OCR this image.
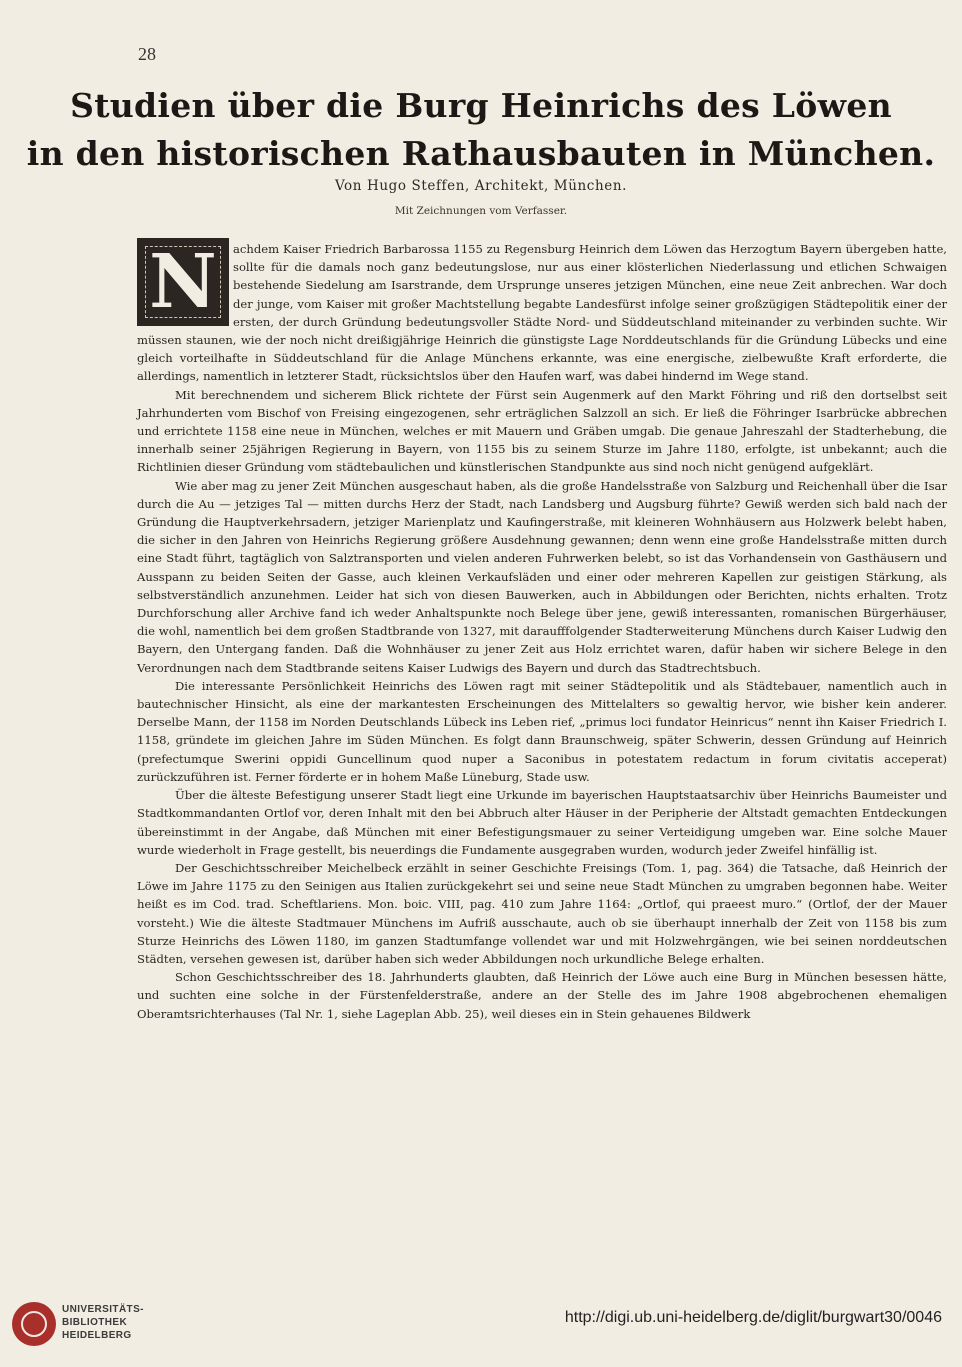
28
Studien über die Burg Heinrichs des Löwen
in den historischen Rathausbauten in München.
Von Hugo Steffen, Architekt, München.
Mit Zeichnungen vom Verfasser.

achdem Kaiser Friedrich Barbarossa 1155 zu Regensburg Heinrich dem Löwen das Herzogtum Bayern übergeben hatte, sollte für die damals noch ganz bedeutungslose, nur aus einer klösterlichen Niederlassung und etlichen Schwaigen bestehende Siedelung am Isarstrande, dem Ursprunge unseres jetzigen München, eine neue Zeit anbrechen. War doch der junge, vom Kaiser mit großer Machtstellung begabte Landesfürst infolge seiner großzügigen Städtepolitik einer der ersten, der durch Gründung bedeutungsvoller Städte Nord- und Süddeutschland miteinander zu verbinden suchte. Wir müssen staunen, wie der noch nicht dreißigjährige Heinrich die günstigste Lage Norddeutschlands für die Gründung Lübecks und eine gleich vorteilhafte in Süddeutschland für die Anlage Münchens erkannte, was eine energische, zielbewußte Kraft erforderte, die allerdings, namentlich in letzterer Stadt, rücksichtslos über den Haufen warf, was dabei hindernd im Wege stand.

Mit berechnendem und sicherem Blick richtete der Fürst sein Augenmerk auf den Markt Föhring und riß den dortselbst seit Jahrhunderten vom Bischof von Freising eingezogenen, sehr erträglichen Salzzoll an sich. Er ließ die Föhringer Isarbrücke abbrechen und errichtete 1158 eine neue in München, welches er mit Mauern und Gräben umgab. Die genaue Jahreszahl der Stadterhebung, die innerhalb seiner 25jährigen Regierung in Bayern, von 1155 bis zu seinem Sturze im Jahre 1180, erfolgte, ist unbekannt; auch die Richtlinien dieser Gründung vom städtebaulichen und künstlerischen Standpunkte aus sind noch nicht genügend aufgeklärt.

Wie aber mag zu jener Zeit München ausgeschaut haben, als die große Handelsstraße von Salzburg und Reichenhall über die Isar durch die Au — jetziges Tal — mitten durchs Herz der Stadt, nach Landsberg und Augsburg führte? Gewiß werden sich bald nach der Gründung die Hauptverkehrsadern, jetziger Marienplatz und Kaufingerstraße, mit kleineren Wohnhäusern aus Holzwerk belebt haben, die sicher in den Jahren von Heinrichs Regierung größere Ausdehnung gewannen; denn wenn eine große Handelsstraße mitten durch eine Stadt führt, tagtäglich von Salztransporten und vielen anderen Fuhrwerken belebt, so ist das Vorhandensein von Gasthäusern und Ausspann zu beiden Seiten der Gasse, auch kleinen Verkaufsläden und einer oder mehreren Kapellen zur geistigen Stärkung, als selbstverständlich anzunehmen. Leider hat sich von diesen Bauwerken, auch in Abbildungen oder Berichten, nichts erhalten. Trotz Durchforschung aller Archive fand ich weder Anhaltspunkte noch Belege über jene, gewiß interessanten, romanischen Bürgerhäuser, die wohl, namentlich bei dem großen Stadtbrande von 1327, mit daraufffolgender Stadterweiterung Münchens durch Kaiser Ludwig den Bayern, den Untergang fanden. Daß die Wohnhäuser zu jener Zeit aus Holz errichtet waren, dafür haben wir sichere Belege in den Verordnungen nach dem Stadtbrande seitens Kaiser Ludwigs des Bayern und durch das Stadtrechtsbuch.

Die interessante Persönlichkeit Heinrichs des Löwen ragt mit seiner Städtepolitik und als Städtebauer, namentlich auch in bautechnischer Hinsicht, als eine der markantesten Erscheinungen des Mittelalters so gewaltig hervor, wie bisher kein anderer. Derselbe Mann, der 1158 im Norden Deutschlands Lübeck ins Leben rief, „primus loci fundator Heinricus“ nennt ihn Kaiser Friedrich I. 1158, gründete im gleichen Jahre im Süden München. Es folgt dann Braunschweig, später Schwerin, dessen Gründung auf Heinrich (prefectumque Swerini oppidi Guncellinum quod nuper a Saconibus in potestatem redactum in forum civitatis acceperat) zurückzuführen ist. Ferner förderte er in hohem Maße Lüneburg, Stade usw.

Über die älteste Befestigung unserer Stadt liegt eine Urkunde im bayerischen Hauptstaatsarchiv über Heinrichs Baumeister und Stadtkommandanten Ortlof vor, deren Inhalt mit den bei Abbruch alter Häuser in der Peripherie der Altstadt gemachten Entdeckungen übereinstimmt in der Angabe, daß München mit einer Befestigungsmauer zu seiner Verteidigung umgeben war. Eine solche Mauer wurde wiederholt in Frage gestellt, bis neuerdings die Fundamente ausgegraben wurden, wodurch jeder Zweifel hinfällig ist.

Der Geschichtsschreiber Meichelbeck erzählt in seiner Geschichte Freisings (Tom. 1, pag. 364) die Tatsache, daß Heinrich der Löwe im Jahre 1175 zu den Seinigen aus Italien zurückgekehrt sei und seine neue Stadt München zu umgraben begonnen habe. Weiter heißt es im Cod. trad. Scheftlariens. Mon. boic. VIII, pag. 410 zum Jahre 1164: „Ortlof, qui praeest muro.“ (Ortlof, der der Mauer vorsteht.) Wie die älteste Stadtmauer Münchens im Aufriß ausschaute, auch ob sie überhaupt innerhalb der Zeit von 1158 bis zum Sturze Heinrichs des Löwen 1180, im ganzen Stadtumfange vollendet war und mit Holzwehrgängen, wie bei seinen norddeutschen Städten, versehen gewesen ist, darüber haben sich weder Abbildungen noch urkundliche Belege erhalten.

Schon Geschichtsschreiber des 18. Jahrhunderts glaubten, daß Heinrich der Löwe auch eine Burg in München besessen hätte, und suchten eine solche in der Fürstenfelderstraße, andere an der Stelle des im Jahre 1908 abgebrochenen ehemaligen Oberamtsrichterhauses (Tal Nr. 1, siehe Lageplan Abb. 25), weil dieses ein in Stein gehauenes Bildwerk

N
UNIVERSITÄTS-
BIBLIOTHEK
HEIDELBERG
http://digi.ub.uni-heidelberg.de/diglit/burgwart30/0046
